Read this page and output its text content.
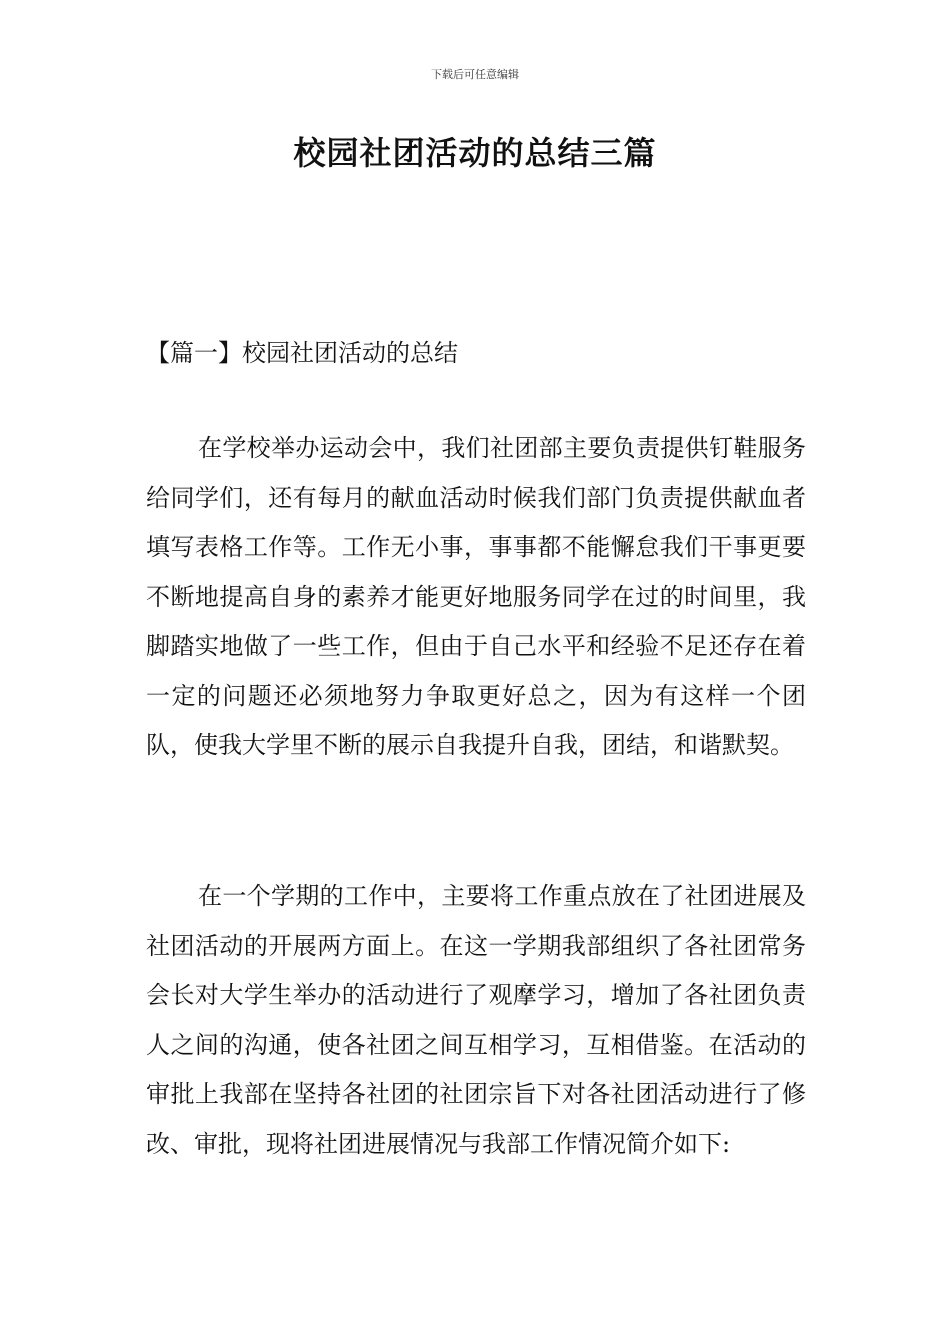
下载后可任意编辑
校园社团活动的总结三篇
【篇一】校园社团活动的总结

在学校举办运动会中，我们社团部主要负责提供钉鞋服务给同学们，还有每月的献血活动时候我们部门负责提供献血者填写表格工作等。工作无小事，事事都不能懈怠我们干事更要不断地提高自身的素养才能更好地服务同学在过的时间里，我脚踏实地做了一些工作，但由于自己水平和经验不足还存在着一定的问题还必须地努力争取更好总之，因为有这样一个团队，使我大学里不断的展示自我提升自我，团结，和谐默契。

在一个学期的工作中，主要将工作重点放在了社团进展及社团活动的开展两方面上。在这一学期我部组织了各社团常务会长对大学生举办的活动进行了观摩学习，增加了各社团负责人之间的沟通，使各社团之间互相学习，互相借鉴。在活动的审批上我部在坚持各社团的社团宗旨下对各社团活动进行了修改、审批，现将社团进展情况与我部工作情况简介如下:
